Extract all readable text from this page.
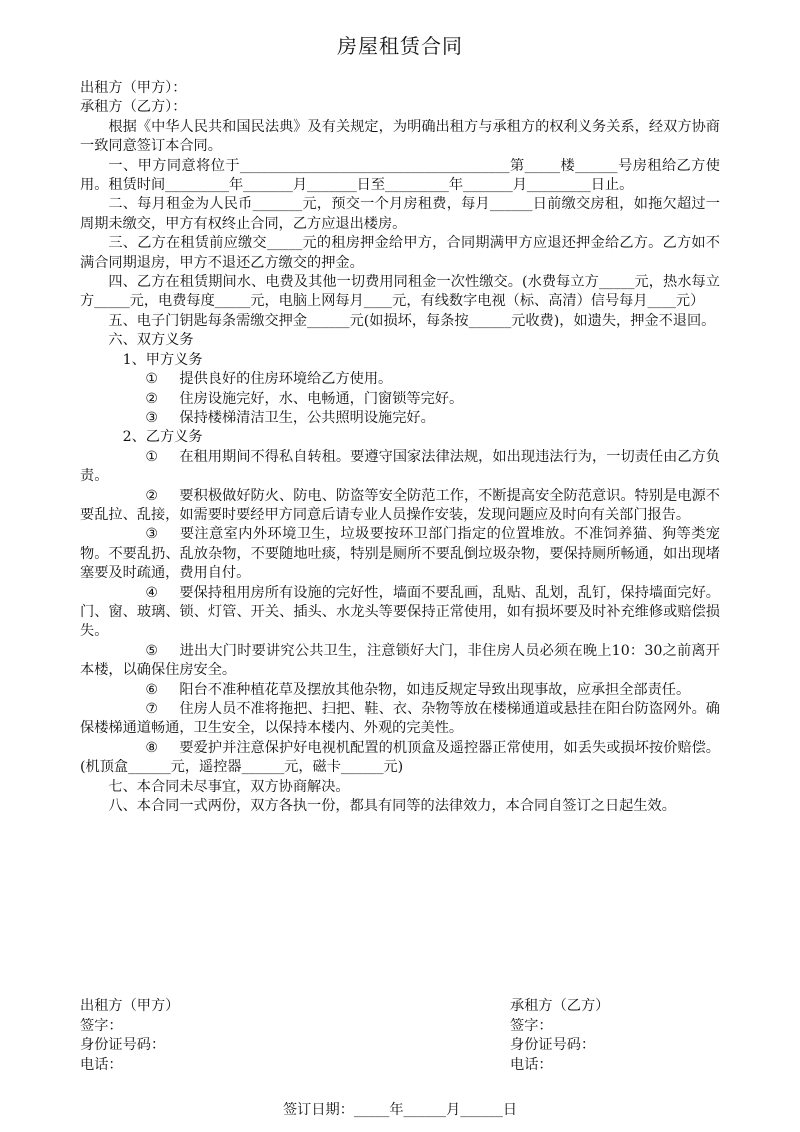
房屋租赁合同

出租方（甲方）：

承租方（乙方）：

根据《中华人民共和国民法典》及有关规定，为明确出租方与承租方的权利义务关系，经双方协商一致同意签订本合同。

一、甲方同意将位于______________________________________第_____楼______号房租给乙方使用。租赁时间_________年_______月_______日至_________年_______月_________日止。

二、每月租金为人民币_______元，预交一个月房租费，每月______日前缴交房租，如拖欠超过一周期未缴交，甲方有权终止合同，乙方应退出楼房。

三、乙方在租赁前应缴交_____元的租房押金给甲方，合同期满甲方应退还押金给乙方。乙方如不满合同期退房，甲方不退还乙方缴交的押金。

四、乙方在租赁期间水、电费及其他一切费用同租金一次性缴交。(水费每立方_____元，热水每立方_____元，电费每度_____元，电脑上网每月____元，有线数字电视（标、高清）信号每月____元）

五、电子门钥匙每条需缴交押金______元(如损坏，每条按______元收费)，如遗失，押金不退回。

六、双方义务

1、甲方义务

① 提供良好的住房环境给乙方使用。

② 住房设施完好，水、电畅通，门窗锁等完好。

③ 保持楼梯清洁卫生，公共照明设施完好。

2、乙方义务

① 在租用期间不得私自转租。要遵守国家法律法规，如出现违法行为，一切责任由乙方负责。

② 要积极做好防火、防电、防盗等安全防范工作，不断提高安全防范意识。特别是电源不要乱拉、乱接，如需要时要经甲方同意后请专业人员操作安装，发现问题应及时向有关部门报告。

③ 要注意室内外环境卫生，垃圾要按环卫部门指定的位置堆放。不准饲养猫、狗等类宠物。不要乱扔、乱放杂物，不要随地吐痰，特别是厕所不要乱倒垃圾杂物，要保持厕所畅通，如出现堵塞要及时疏通，费用自付。

④ 要保持租用房所有设施的完好性，墙面不要乱画，乱贴、乱划，乱钉，保持墙面完好。门、窗、玻璃、锁、灯管、开关、插头、水龙头等要保持正常使用，如有损坏要及时补充维修或赔偿损失。

⑤ 进出大门时要讲究公共卫生，注意锁好大门，非住房人员必须在晚上10：30之前离开本楼，以确保住房安全。

⑥ 阳台不准种植花草及摆放其他杂物，如违反规定导致出现事故，应承担全部责任。

⑦ 住房人员不准将拖把、扫把、鞋、衣、杂物等放在楼梯通道或悬挂在阳台防盗网外。确保楼梯通道畅通，卫生安全，以保持本楼内、外观的完美性。

⑧ 要爱护并注意保护好电视机配置的机顶盒及遥控器正常使用，如丢失或损坏按价赔偿。(机顶盒______元，遥控器______元，磁卡______元)

七、本合同未尽事宜，双方协商解决。

八、本合同一式两份，双方各执一份，都具有同等的法律效力，本合同自签订之日起生效。

出租方（甲方）
签字：
身份证号码：
电话：
承租方（乙方）
签字：
身份证号码：
电话：
签订日期：_____年______月______日
